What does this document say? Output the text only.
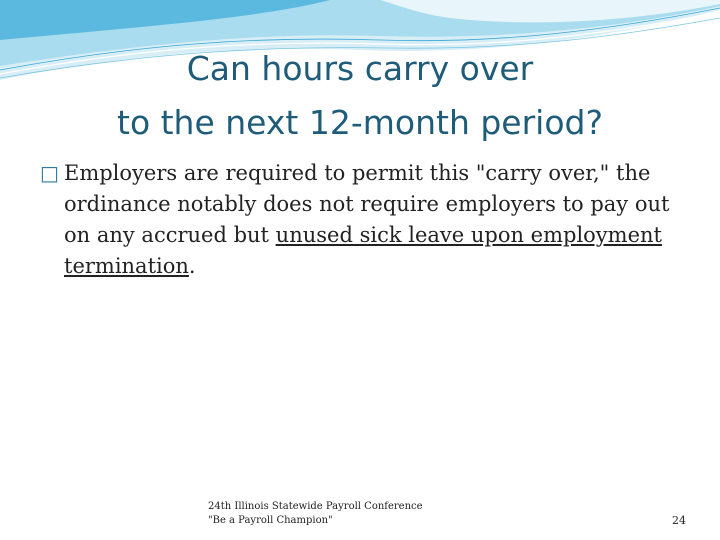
Can hours carry over
to the next 12-month period?
□ Employers are required to permit this "carry over," the ordinance notably does not require employers to pay out on any accrued but unused sick leave upon employment termination.

24th Illinois Statewide Payroll Conference
"Be a Payroll Champion"	24
